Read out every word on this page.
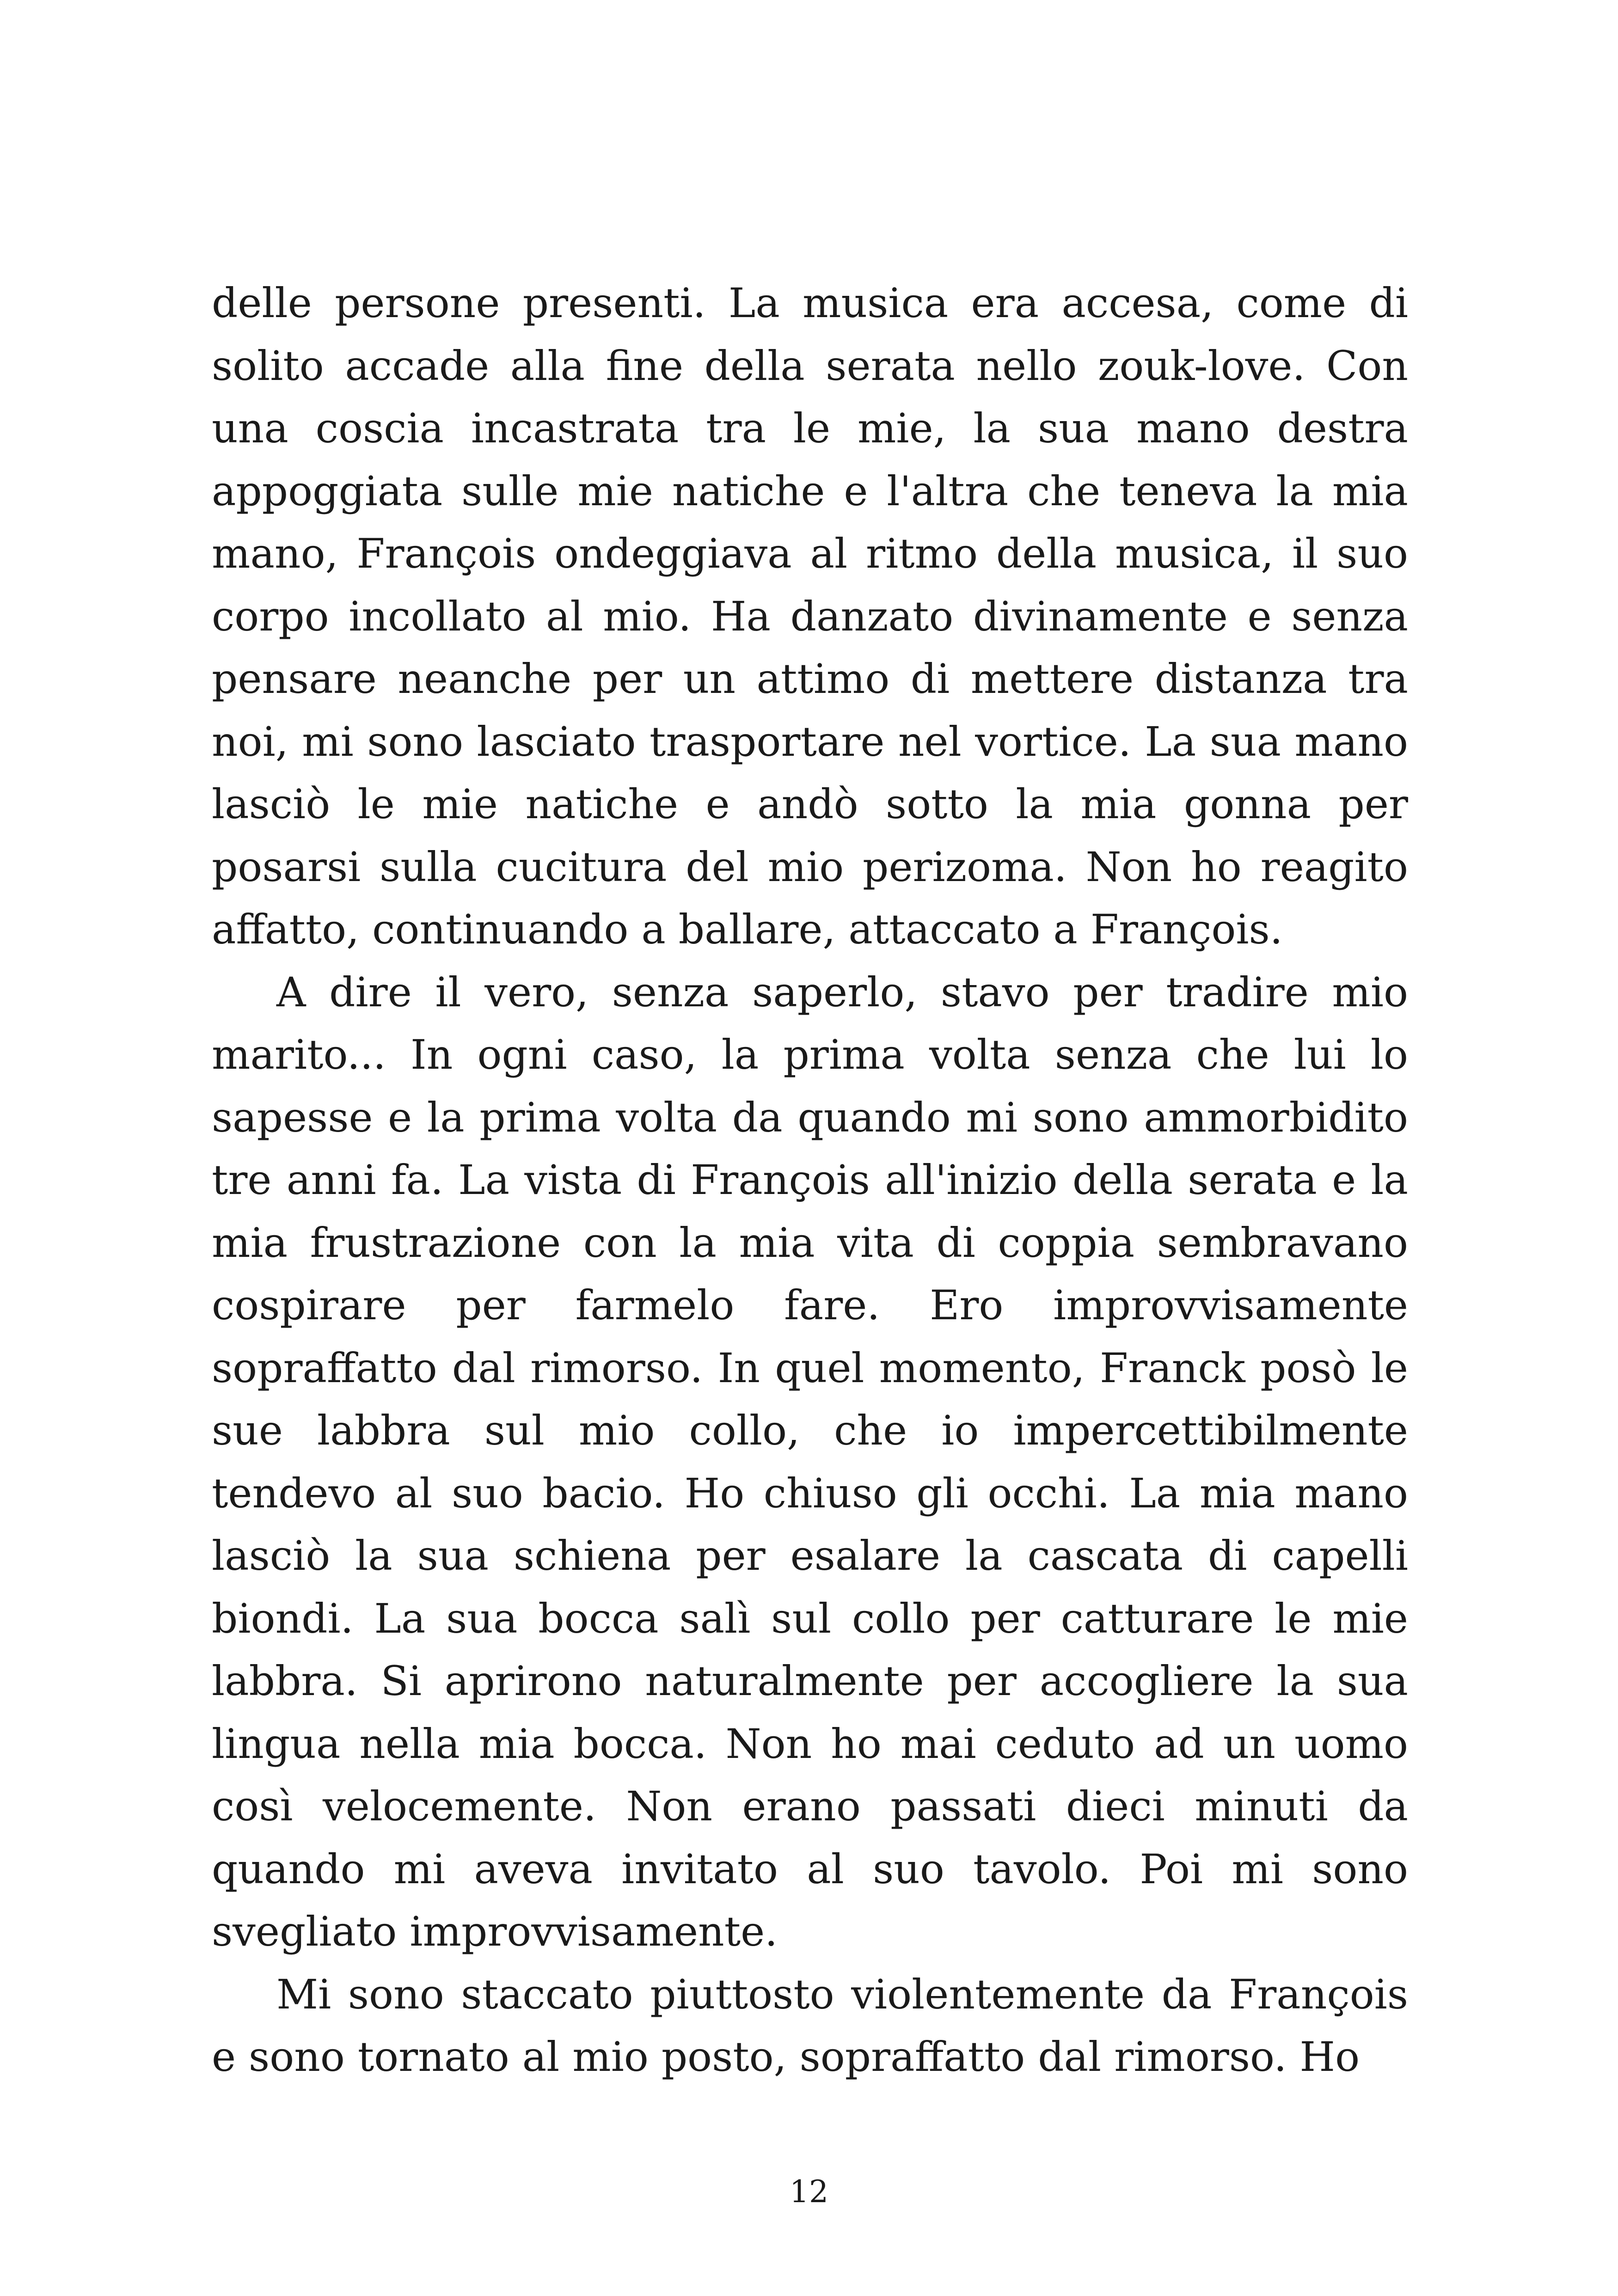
delle persone presenti. La musica era accesa, come di solito accade alla fine della serata nello zouk-love. Con una coscia incastrata tra le mie, la sua mano destra appoggiata sulle mie natiche e l'altra che teneva la mia mano, François ondeggiava al ritmo della musica, il suo corpo incollato al mio. Ha danzato divinamente e senza pensare neanche per un attimo di mettere distanza tra noi, mi sono lasciato trasportare nel vortice. La sua mano lasciò le mie natiche e andò sotto la mia gonna per posarsi sulla cucitura del mio perizoma. Non ho reagito affatto, continuando a ballare, attaccato a François.

A dire il vero, senza saperlo, stavo per tradire mio marito... In ogni caso, la prima volta senza che lui lo sapesse e la prima volta da quando mi sono ammorbidito tre anni fa. La vista di François all'inizio della serata e la mia frustrazione con la mia vita di coppia sembravano cospirare per farmelo fare. Ero improvvisamente sopraffatto dal rimorso. In quel momento, Franck posò le sue labbra sul mio collo, che io impercettibilmente tendevo al suo bacio. Ho chiuso gli occhi. La mia mano lasciò la sua schiena per esalare la cascata di capelli biondi. La sua bocca salì sul collo per catturare le mie labbra. Si aprirono naturalmente per accogliere la sua lingua nella mia bocca. Non ho mai ceduto ad un uomo così velocemente. Non erano passati dieci minuti da quando mi aveva invitato al suo tavolo. Poi mi sono svegliato improvvisamente.

Mi sono staccato piuttosto violentemente da François e sono tornato al mio posto, sopraffatto dal rimorso. Ho

12
